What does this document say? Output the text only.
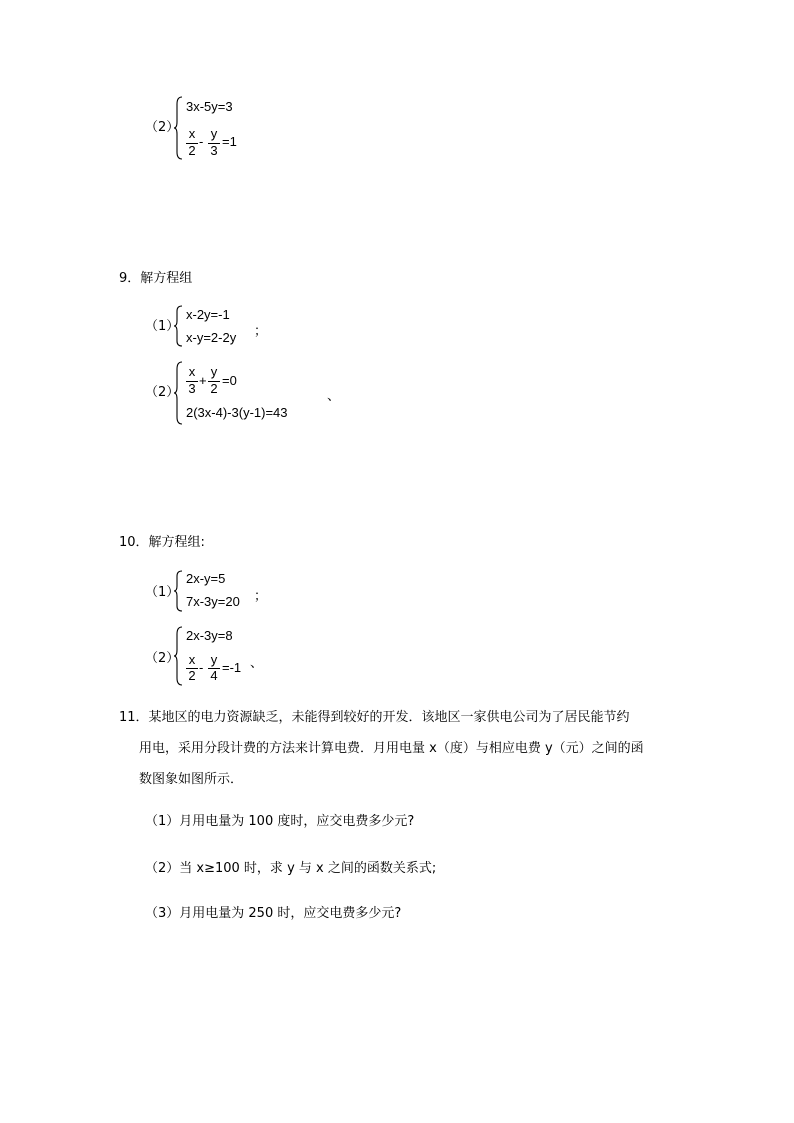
（2）
3x-5y=3
x
2
-
y
3
=1
9．解方程组
（1）
x-2y=-1
x-y=2-2y ；
（2）
x
3
+
y
2
=0
2(3x-4)-3(y-1)=43
、
10．解方程组:
（1）
2x-y=5
7x-3y=20 ；
（2）
2x-3y=8
x
2
-
y
4
=-1 、
11．某地区的电力资源缺乏，未能得到较好的开发．该地区一家供电公司为了居民能节约
用电，采用分段计费的方法来计算电费．月用电量 x（度）与相应电费 y（元）之间的函
数图象如图所示．
（1）月用电量为 100 度时，应交电费多少元?
（2）当 x≥100 时，求 y 与 x 之间的函数关系式;
（3）月用电量为 250 时，应交电费多少元?
